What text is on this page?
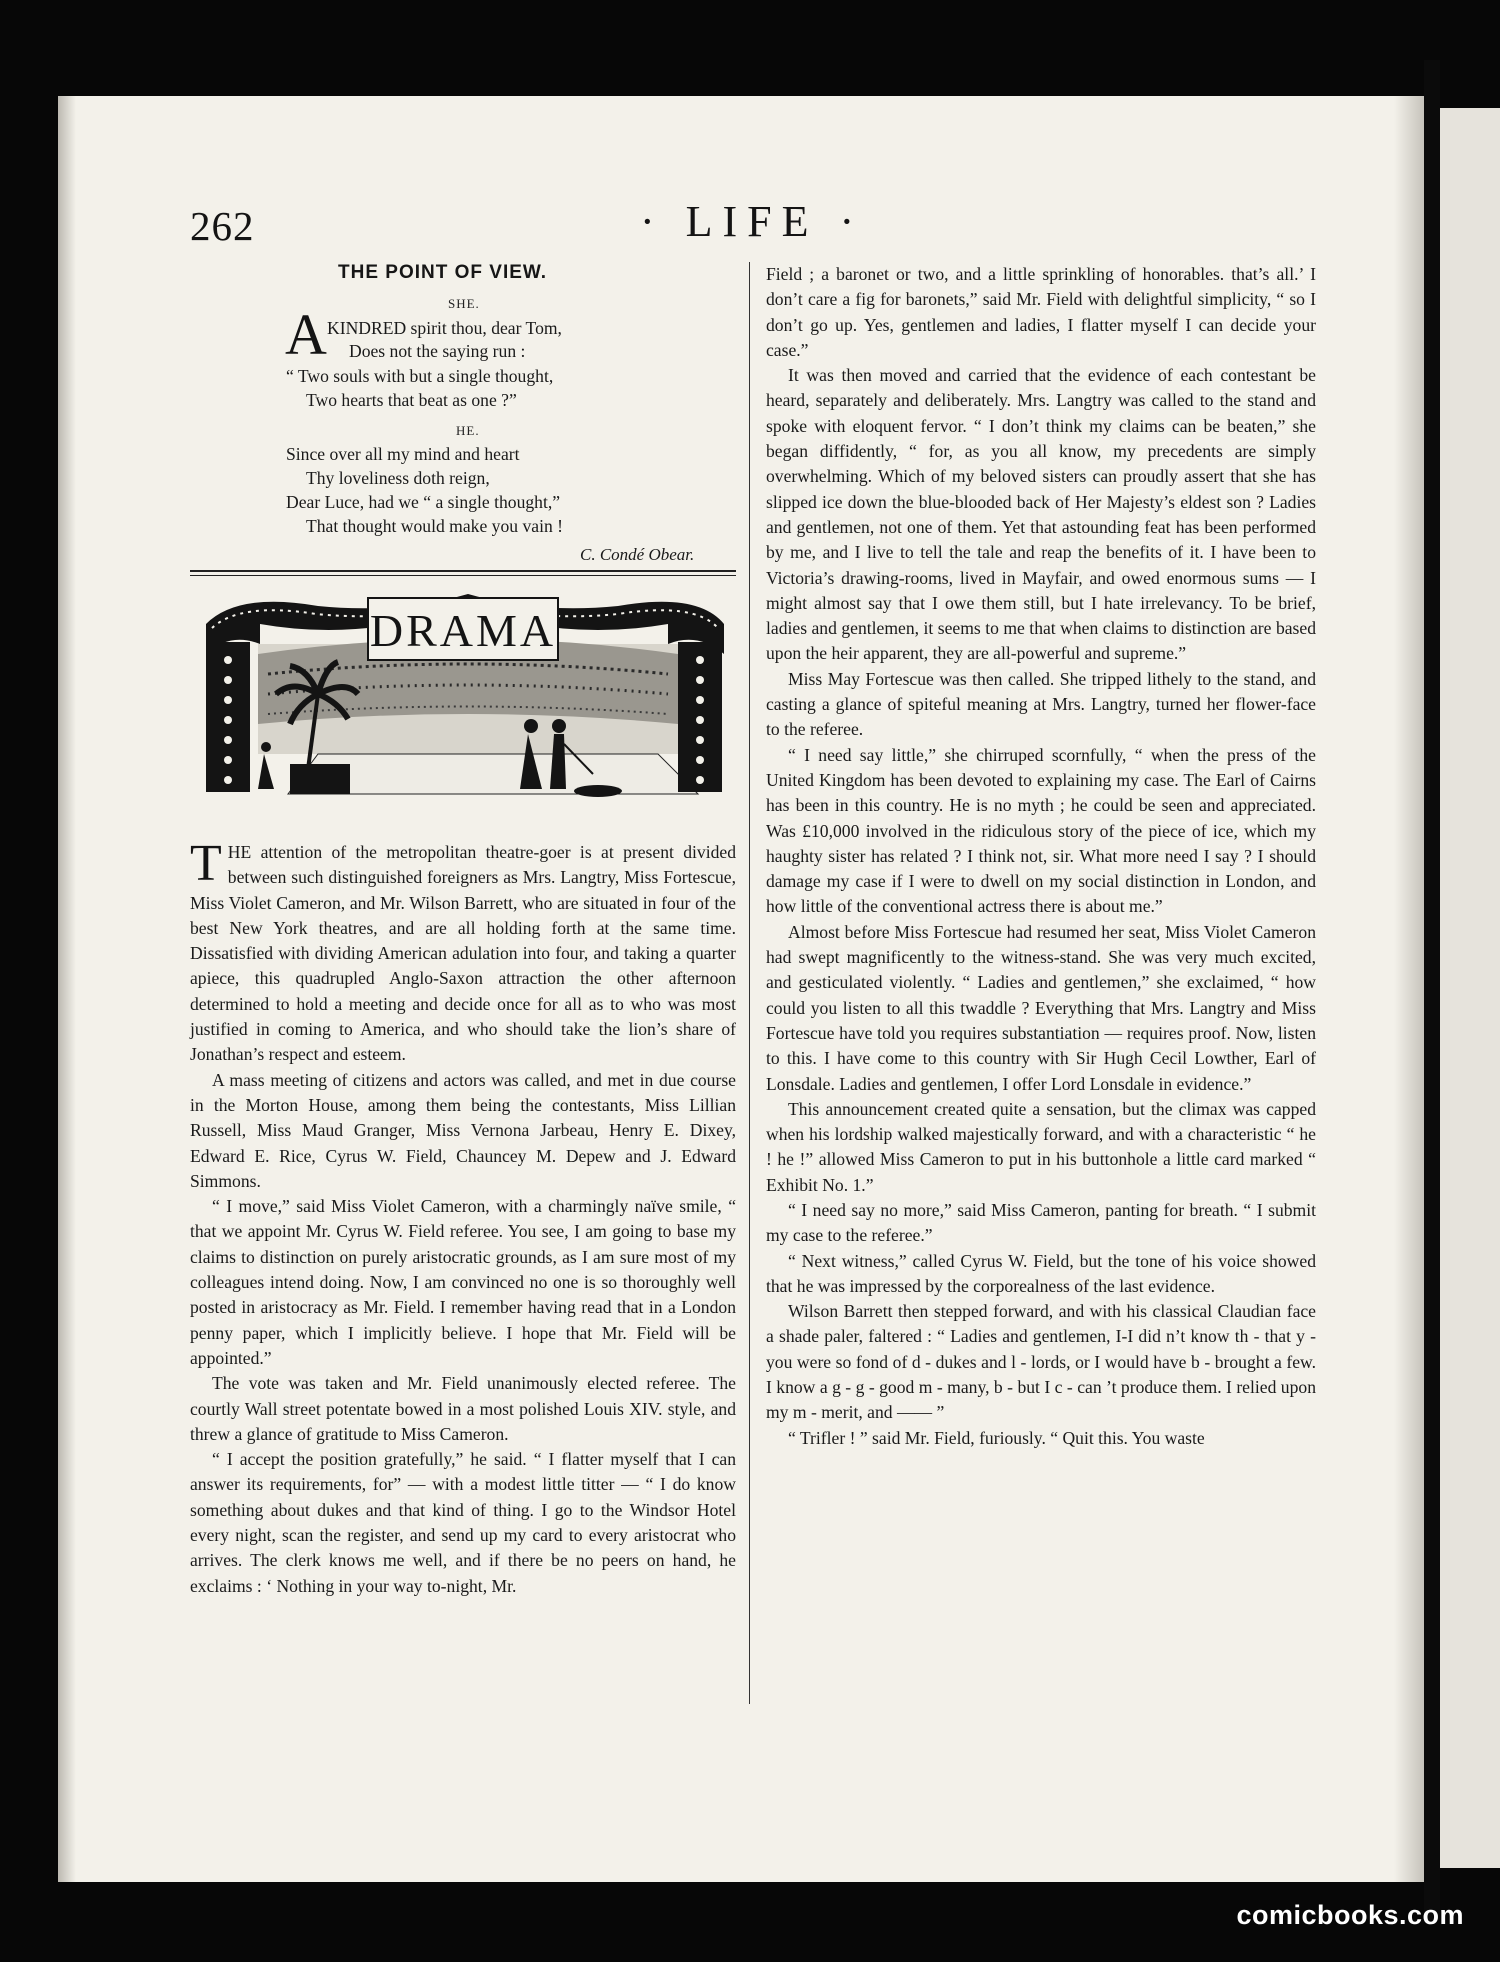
262	· LIFE ·
THE POINT OF VIEW.
SHE.
A KINDRED spirit thou, dear Tom,
Does not the saying run :
“ Two souls with but a single thought,
Two hearts that beat as one ?”
HE.
Since over all my mind and heart
Thy loveliness doth reign,
Dear Luce, had we “ a single thought,”
That thought would make you vain !
C. Condé Obear.
DRAMA

THE attention of the metropolitan theatre-goer is at present divided between such distinguished foreigners as Mrs. Langtry, Miss Fortescue, Miss Violet Cameron, and Mr. Wilson Barrett, who are situated in four of the best New York theatres, and are all holding forth at the same time. Dissatisfied with dividing American adulation into four, and taking a quarter apiece, this quadrupled Anglo-Saxon attraction the other afternoon determined to hold a meeting and decide once for all as to who was most justified in coming to America, and who should take the lion’s share of Jonathan’s respect and esteem.

A mass meeting of citizens and actors was called, and met in due course in the Morton House, among them being the contestants, Miss Lillian Russell, Miss Maud Granger, Miss Vernona Jarbeau, Henry E. Dixey, Edward E. Rice, Cyrus W. Field, Chauncey M. Depew and J. Edward Simmons.

“ I move,” said Miss Violet Cameron, with a charmingly naïve smile, “ that we appoint Mr. Cyrus W. Field referee. You see, I am going to base my claims to distinction on purely aristocratic grounds, as I am sure most of my colleagues intend doing. Now, I am convinced no one is so thoroughly well posted in aristocracy as Mr. Field. I remember having read that in a London penny paper, which I implicitly believe. I hope that Mr. Field will be appointed.”

The vote was taken and Mr. Field unanimously elected referee. The courtly Wall street potentate bowed in a most polished Louis XIV. style, and threw a glance of gratitude to Miss Cameron.

“ I accept the position gratefully,” he said. “ I flatter myself that I can answer its requirements, for” — with a modest little titter — “ I do know something about dukes and that kind of thing. I go to the Windsor Hotel every night, scan the register, and send up my card to every aristocrat who arrives. The clerk knows me well, and if there be no peers on hand, he exclaims : ‘ Nothing in your way to-night, Mr.

Field ; a baronet or two, and a little sprinkling of honorables. that’s all.’ I don’t care a fig for baronets,” said Mr. Field with delightful simplicity, “ so I don’t go up. Yes, gentlemen and ladies, I flatter myself I can decide your case.”

It was then moved and carried that the evidence of each contestant be heard, separately and deliberately. Mrs. Langtry was called to the stand and spoke with eloquent fervor. “ I don’t think my claims can be beaten,” she began diffidently, “ for, as you all know, my precedents are simply overwhelming. Which of my beloved sisters can proudly assert that she has slipped ice down the blue-blooded back of Her Majesty’s eldest son ? Ladies and gentlemen, not one of them. Yet that astounding feat has been performed by me, and I live to tell the tale and reap the benefits of it. I have been to Victoria’s drawing-rooms, lived in Mayfair, and owed enormous sums — I might almost say that I owe them still, but I hate irrelevancy. To be brief, ladies and gentlemen, it seems to me that when claims to distinction are based upon the heir apparent, they are all-powerful and supreme.”

Miss May Fortescue was then called. She tripped lithely to the stand, and casting a glance of spiteful meaning at Mrs. Langtry, turned her flower-face to the referee.

“ I need say little,” she chirruped scornfully, “ when the press of the United Kingdom has been devoted to explaining my case. The Earl of Cairns has been in this country. He is no myth ; he could be seen and appreciated. Was £10,000 involved in the ridiculous story of the piece of ice, which my haughty sister has related ? I think not, sir. What more need I say ? I should damage my case if I were to dwell on my social distinction in London, and how little of the conventional actress there is about me.”

Almost before Miss Fortescue had resumed her seat, Miss Violet Cameron had swept magnificently to the witness-stand. She was very much excited, and gesticulated violently. “ Ladies and gentlemen,” she exclaimed, “ how could you listen to all this twaddle ? Everything that Mrs. Langtry and Miss Fortescue have told you requires substantiation — requires proof. Now, listen to this. I have come to this country with Sir Hugh Cecil Lowther, Earl of Lonsdale. Ladies and gentlemen, I offer Lord Lonsdale in evidence.”

This announcement created quite a sensation, but the climax was capped when his lordship walked majestically forward, and with a characteristic “ he ! he !” allowed Miss Cameron to put in his buttonhole a little card marked “ Exhibit No. 1.”

“ I need say no more,” said Miss Cameron, panting for breath. “ I submit my case to the referee.”

“ Next witness,” called Cyrus W. Field, but the tone of his voice showed that he was impressed by the corporealness of the last evidence.

Wilson Barrett then stepped forward, and with his classical Claudian face a shade paler, faltered : “ Ladies and gentlemen, I-I did n’t know th - that y - you were so fond of d - dukes and l - lords, or I would have b - brought a few. I know a g - g - good m - many, b - but I c - can ’t produce them. I relied upon my m - merit, and —— ”

“ Trifler ! ” said Mr. Field, furiously. “ Quit this. You waste

comicbooks.com
